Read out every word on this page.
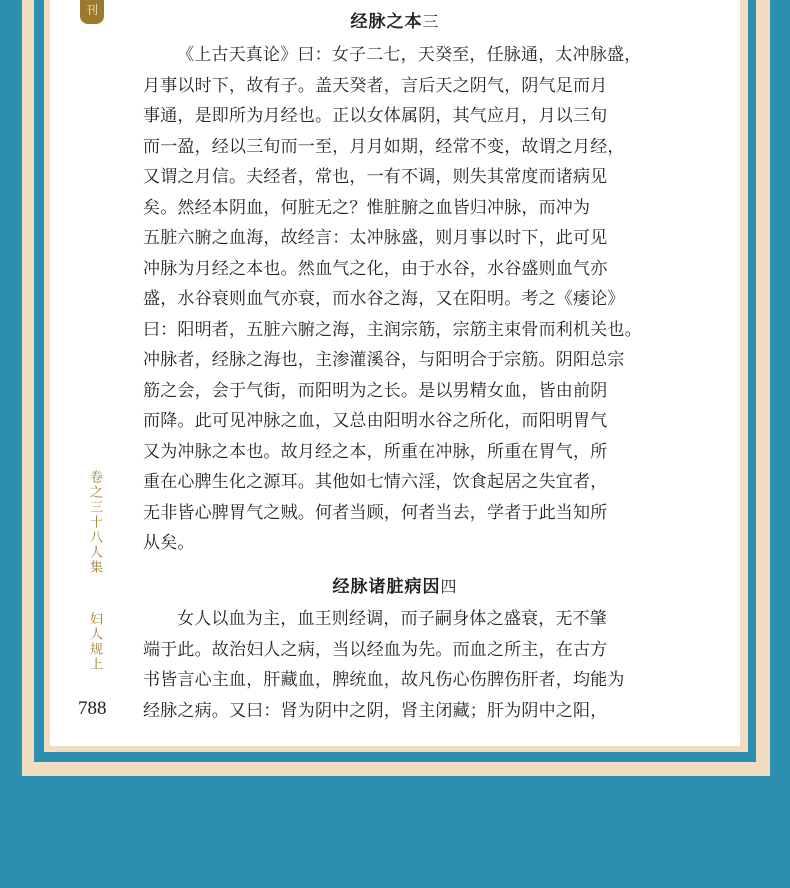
刊
经脉之本三
《上古天真论》曰：女子二七，天癸至，任脉通，太冲脉盛，
月事以时下，故有子。盖天癸者，言后天之阴气，阴气足而月
事通，是即所为月经也。正以女体属阴，其气应月，月以三旬
而一盈，经以三旬而一至，月月如期，经常不变，故谓之月经，
又谓之月信。夫经者，常也，一有不调，则失其常度而诸病见
矣。然经本阴血，何脏无之？惟脏腑之血皆归冲脉，而冲为
五脏六腑之血海，故经言：太冲脉盛，则月事以时下，此可见
冲脉为月经之本也。然血气之化，由于水谷，水谷盛则血气亦
盛，水谷衰则血气亦衰，而水谷之海，又在阳明。考之《痿论》
曰：阳明者，五脏六腑之海，主润宗筋，宗筋主束骨而利机关也。
冲脉者，经脉之海也，主渗灌溪谷，与阳明合于宗筋。阴阳总宗
筋之会，会于气街，而阳明为之长。是以男精女血，皆由前阴
而降。此可见冲脉之血，又总由阳明水谷之所化，而阳明胃气
又为冲脉之本也。故月经之本，所重在冲脉，所重在胃气，所
重在心脾生化之源耳。其他如七情六淫，饮食起居之失宜者，
无非皆心脾胃气之贼。何者当顾，何者当去，学者于此当知所
从矣。
经脉诸脏病因四
女人以血为主，血王则经调，而子嗣身体之盛衰，无不肇
端于此。故治妇人之病，当以经血为先。而血之所主，在古方
书皆言心主血，肝藏血，脾统血，故凡伤心伤脾伤肝者，均能为
经脉之病。又曰：肾为阴中之阴，肾主闭藏；肝为阴中之阳，
卷之三十八人集
妇人规上
788
